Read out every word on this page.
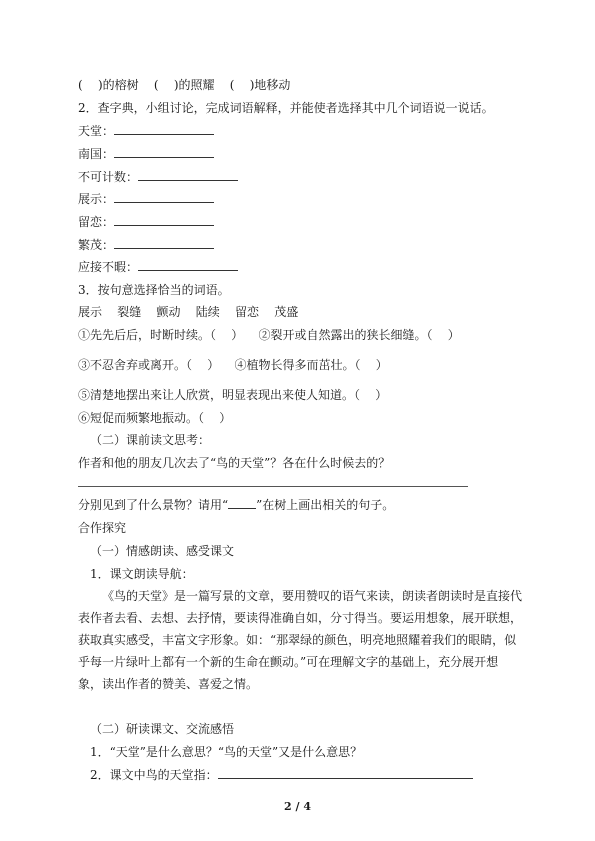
(    )的榕树    (    )的照耀    (    )地移动
2．查字典，小组讨论，完成词语解释，并能使者选择其中几个词语说一说话。
天堂：
南国：
不可计数：
展示：
留恋：
繁茂：
应接不暇：
3．按句意选择恰当的词语。
展示    裂缝    颤动    陆续    留恋    茂盛
①先先后后，时断时续。（    ）    ②裂开或自然露出的狭长细缝。（    ）
③不忍舍弃或离开。（    ）    ④植物长得多而茁壮。（    ）
⑤清楚地摆出来让人欣赏，明显表现出来使人知道。（    ）
⑥短促而频繁地振动。（    ）
（二）课前读文思考：
作者和他的朋友几次去了“鸟的天堂”？各在什么时候去的？
分别见到了什么景物？请用“ ”在树上画出相关的句子。
合作探究
（一）情感朗读、感受课文
1．课文朗读导航：
《鸟的天堂》是一篇写景的文章，要用赞叹的语气来读，朗读者朗读时是直接代表作者去看、去想、去抒情，要读得准确自如，分寸得当。要运用想象，展开联想，获取真实感受，丰富文字形象。如：“那翠绿的颜色，明亮地照耀着我们的眼睛，似乎每一片绿叶上都有一个新的生命在颤动。”可在理解文字的基础上，充分展开想象，读出作者的赞美、喜爱之情。
（二）研读课文、交流感悟
1．“天堂”是什么意思？“鸟的天堂”又是什么意思？
2．课文中鸟的天堂指：
2 / 4
